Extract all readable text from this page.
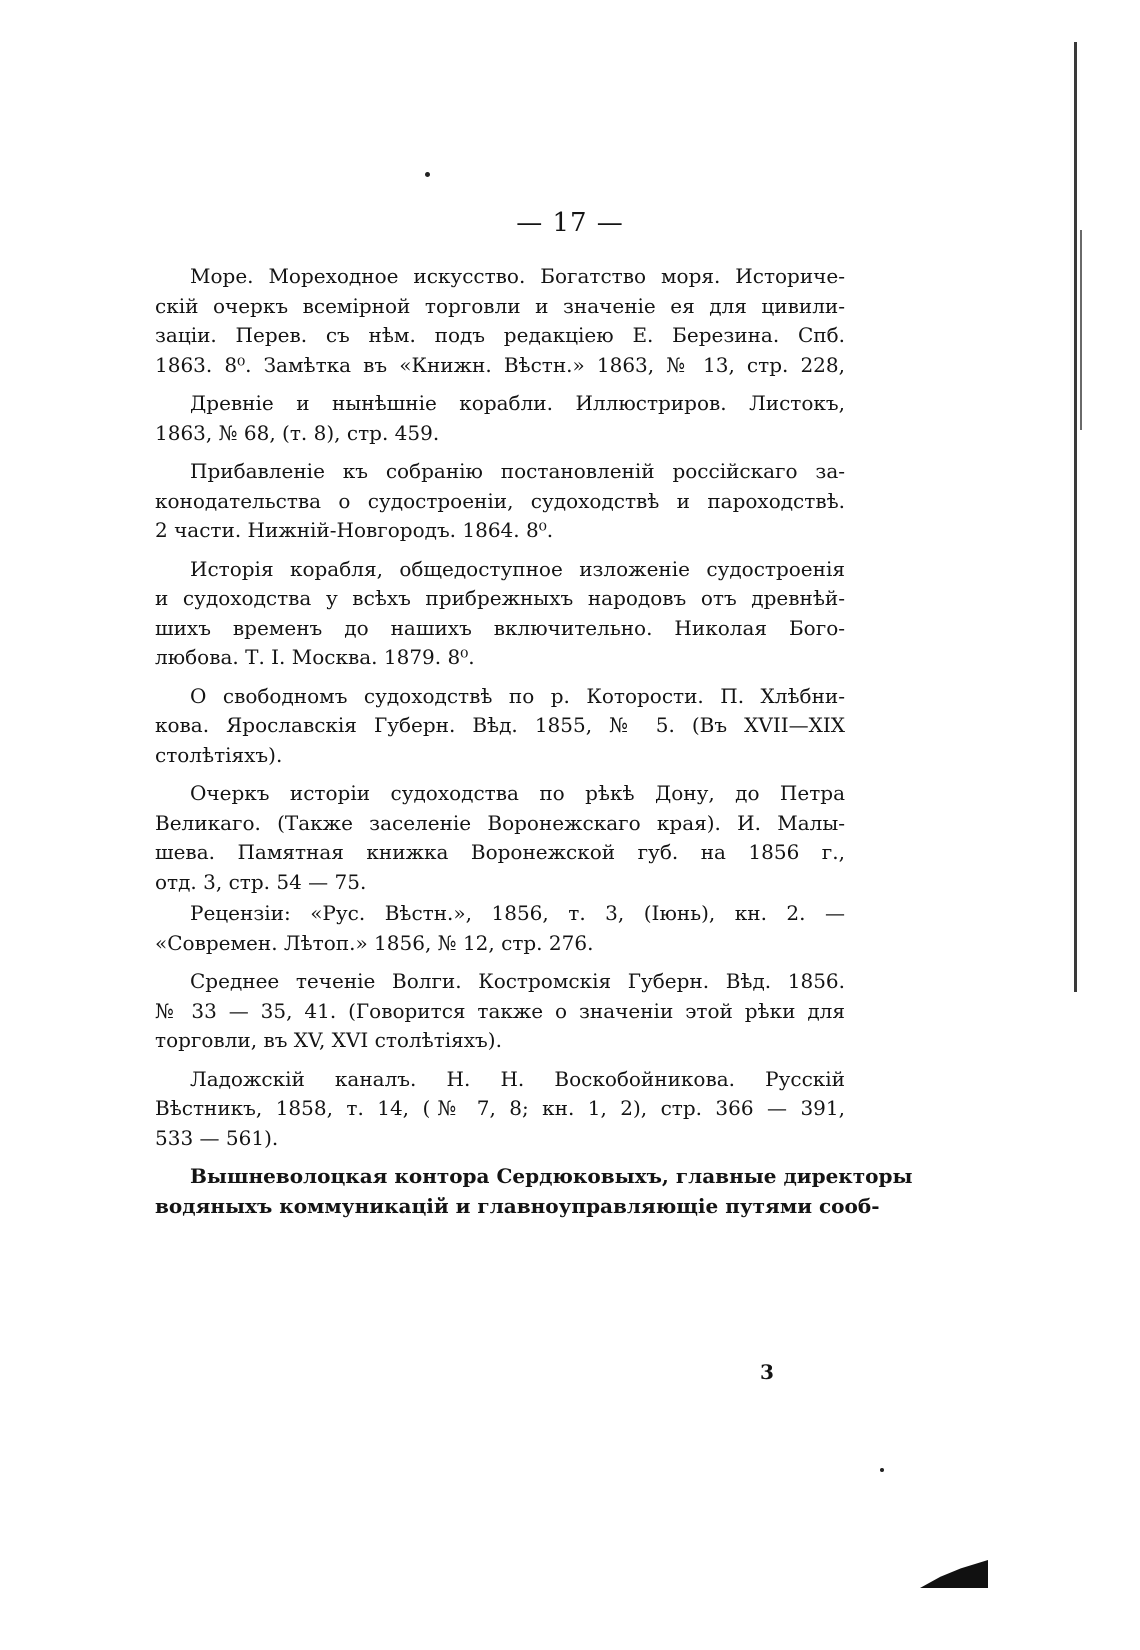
— 17 —
Море. Мореходное искусство. Богатство моря. Историче-
скій очеркъ всемірной торговли и значеніе ея для цивили-
заціи. Перев. съ нѣм. подъ редакціею Е. Березина. Спб.
1863. 8⁰. Замѣтка въ «Книжн. Вѣстн.» 1863, № 13, стр. 228,
Древніе и нынѣшніе корабли. Иллюстриров. Листокъ,
1863, № 68, (т. 8), стр. 459.
Прибавленіе къ собранію постановленій россійскаго за-
конодательства о судостроеніи, судоходствѣ и пароходствѣ.
2 части. Нижній-Новгородъ. 1864. 8⁰.
Исторія корабля, общедоступное изложеніе судостроенія
и судоходства у всѣхъ прибрежныхъ народовъ отъ древнѣй-
шихъ временъ до нашихъ включительно. Николая Бого-
любова. Т. I. Москва. 1879. 8⁰.
О свободномъ судоходствѣ по р. Которости. П. Хлѣбни-
кова. Ярославскія Губерн. Вѣд. 1855, № 5. (Въ XVII—XIX
столѣтіяхъ).
Очеркъ исторіи судоходства по рѣкѣ Дону, до Петра
Великаго. (Также заселеніе Воронежскаго края). И. Малы-
шева. Памятная книжка Воронежской губ. на 1856 г.,
отд. 3, стр. 54 — 75.
Рецензіи: «Рус. Вѣстн.», 1856, т. 3, (Іюнь), кн. 2. —
«Современ. Лѣтоп.» 1856, № 12, стр. 276.
Среднее теченіе Волги. Костромскія Губерн. Вѣд. 1856.
№ 33 — 35, 41. (Говорится также о значеніи этой рѣки для
торговли, въ XV, XVI столѣтіяхъ).
Ладожскій каналъ. Н. Н. Воскобойникова. Русскій
Вѣстникъ, 1858, т. 14, (№ 7, 8; кн. 1, 2), стр. 366 — 391,
533 — 561).
Вышневолоцкая контора Сердюковыхъ, главные директоры
водяныхъ коммуникацій и главноуправляющіе путями сооб-
3
